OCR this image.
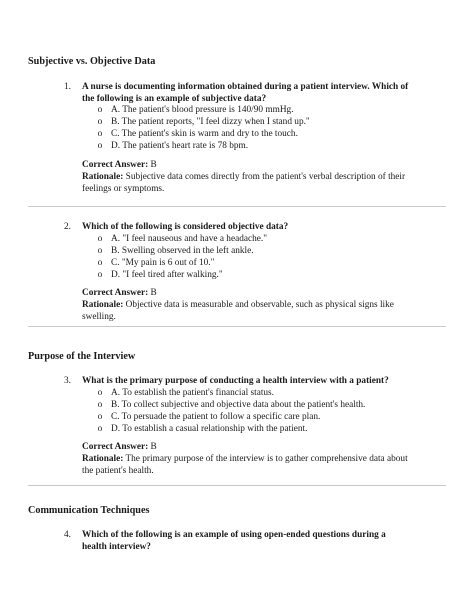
Subjective vs. Objective Data
1. A nurse is documenting information obtained during a patient interview. Which of the following is an example of subjective data?
o A. The patient's blood pressure is 140/90 mmHg.
o B. The patient reports, "I feel dizzy when I stand up."
o C. The patient's skin is warm and dry to the touch.
o D. The patient's heart rate is 78 bpm.
Correct Answer: B
Rationale: Subjective data comes directly from the patient's verbal description of their feelings or symptoms.
2. Which of the following is considered objective data?
o A. "I feel nauseous and have a headache."
o B. Swelling observed in the left ankle.
o C. "My pain is 6 out of 10."
o D. "I feel tired after walking."
Correct Answer: B
Rationale: Objective data is measurable and observable, such as physical signs like swelling.
Purpose of the Interview
3. What is the primary purpose of conducting a health interview with a patient?
o A. To establish the patient's financial status.
o B. To collect subjective and objective data about the patient's health.
o C. To persuade the patient to follow a specific care plan.
o D. To establish a casual relationship with the patient.
Correct Answer: B
Rationale: The primary purpose of the interview is to gather comprehensive data about the patient's health.
Communication Techniques
4. Which of the following is an example of using open-ended questions during a health interview?
